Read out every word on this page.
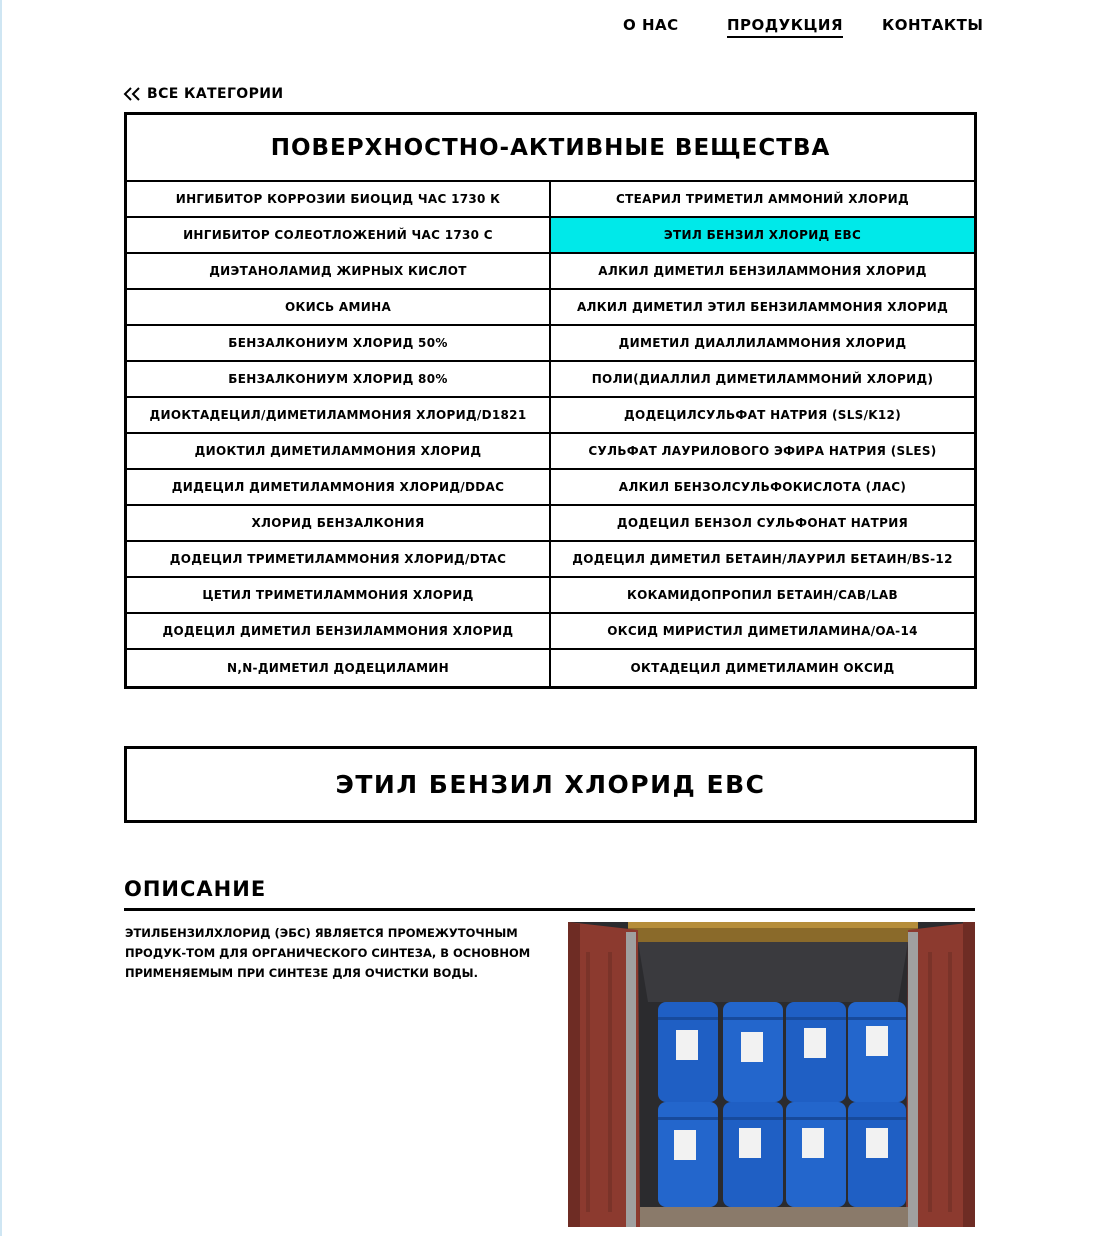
О НАС	ПРОДУКЦИЯ	КОНТАКТЫ
ВСЕ КАТЕГОРИИ
ПОВЕРХНОСТНО-АКТИВНЫЕ ВЕЩЕСТВА
ИНГИБИТОР КОРРОЗИИ БИОЦИД ЧАС 1730 К	СТЕАРИЛ ТРИМЕТИЛ АММОНИЙ ХЛОРИД
ИНГИБИТОР СОЛЕОТЛОЖЕНИЙ ЧАС 1730 С	ЭТИЛ БЕНЗИЛ ХЛОРИД EBC
ДИЭТАНОЛАМИД ЖИРНЫХ КИСЛОТ	АЛКИЛ ДИМЕТИЛ БЕНЗИЛАММОНИЯ ХЛОРИД
ОКИСЬ АМИНА	АЛКИЛ ДИМЕТИЛ ЭТИЛ БЕНЗИЛАММОНИЯ ХЛОРИД
БЕНЗАЛКОНИУМ ХЛОРИД 50%	ДИМЕТИЛ ДИАЛЛИЛАММОНИЯ ХЛОРИД
БЕНЗАЛКОНИУМ ХЛОРИД 80%	ПОЛИ(ДИАЛЛИЛ ДИМЕТИЛАММОНИЙ ХЛОРИД)
ДИОКТАДЕЦИЛ/ДИМЕТИЛАММОНИЯ ХЛОРИД/D1821	ДОДЕЦИЛСУЛЬФАТ НАТРИЯ (SLS/K12)
ДИОКТИЛ ДИМЕТИЛАММОНИЯ ХЛОРИД	СУЛЬФАТ ЛАУРИЛОВОГО ЭФИРА НАТРИЯ (SLES)
ДИДЕЦИЛ ДИМЕТИЛАММОНИЯ ХЛОРИД/DDAC	АЛКИЛ БЕНЗОЛСУЛЬФОКИСЛОТА (ЛАС)
ХЛОРИД БЕНЗАЛКОНИЯ	ДОДЕЦИЛ БЕНЗОЛ СУЛЬФОНАТ НАТРИЯ
ДОДЕЦИЛ ТРИМЕТИЛАММОНИЯ ХЛОРИД/DTAC	ДОДЕЦИЛ ДИМЕТИЛ БЕТАИН/ЛАУРИЛ БЕТАИН/BS-12
ЦЕТИЛ ТРИМЕТИЛАММОНИЯ ХЛОРИД	КОКАМИДОПРОПИЛ БЕТАИН/CAB/LAB
ДОДЕЦИЛ ДИМЕТИЛ БЕНЗИЛАММОНИЯ ХЛОРИД	ОКСИД МИРИСТИЛ ДИМЕТИЛАМИНА/OA-14
N,N-ДИМЕТИЛ ДОДЕЦИЛАМИН	ОКТАДЕЦИЛ ДИМЕТИЛАМИН ОКСИД
ЭТИЛ БЕНЗИЛ ХЛОРИД EBC
ОПИСАНИЕ

ЭТИЛБЕНЗИЛХЛОРИД (ЭБС) ЯВЛЯЕТСЯ ПРОМЕЖУТОЧНЫМ ПРОДУК-ТОМ ДЛЯ ОРГАНИЧЕСКОГО СИНТЕЗА, В ОСНОВНОМ ПРИМЕНЯЕМЫМ ПРИ СИНТЕЗЕ ДЛЯ ОЧИСТКИ ВОДЫ.
